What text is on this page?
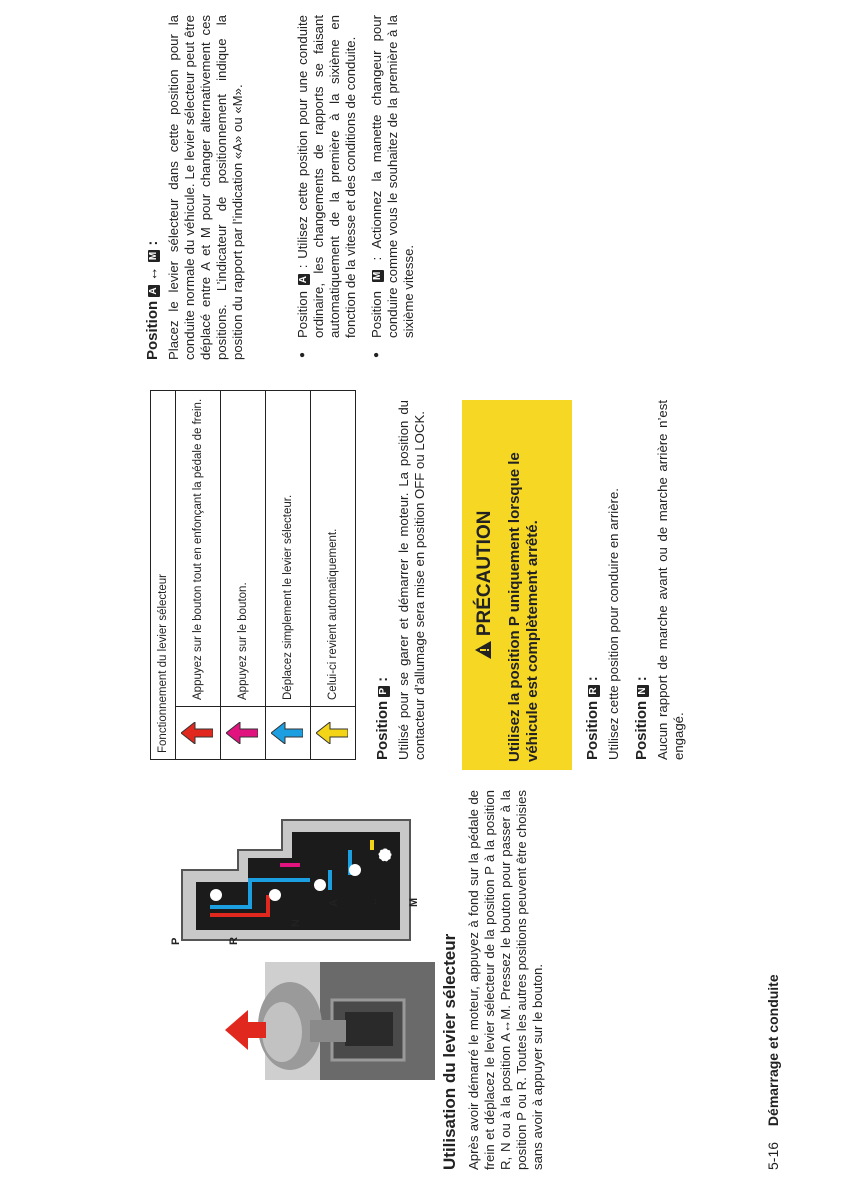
Utilisation du levier sélecteur Après avoir démarré le moteur, appuyez à fond sur la pédale de frein et déplacez le levier sélecteur de la position P à la position R, N ou à la position A↔M. Pressez le bouton pour passer à la position P ou R. Toutes les autres positions peuvent être choisies sans avoir à appuyer sur le bouton.
Fonctionnement du levier sélecteur	
	Appuyez sur le bouton tout en enfonçant la pédale de frein.
	Appuyez sur le bouton.
	Déplacez simplement le levier sélecteur.
	Celui-ci revient automatiquement.
Position P : Utilisé pour se garer et démarrer le moteur. La position du contacteur d’allumage sera mise en position OFF ou LOCK.	PRÉCAUTION Utilisez la position P uniquement lorsque le véhicule est complètement arrêté.	Position R : Utilisez cette position pour conduire en arrière. Position N : Aucun rapport de marche avant ou de marche arrière n’est engagé.
Position A ↔ M : Placez le levier sélecteur dans cette position pour la conduite normale du véhicule. Le levier sélecteur peut être déplacé entre A et M pour changer alternativement ces positions. L’indicateur de positionnement indique la position du rapport par l’indication «A» ou «M».	● Position A : Utilisez cette position pour une conduite ordinaire, les changements de rapports se faisant automatiquement de la première à la sixième en fonction de la vitesse et des conditions de conduite. ● Position M : Actionnez la manette changeur pour conduire comme vous le souhaitez de la première à la sixième vitesse.
5-16 Démarrage et conduite
P	R
N
A	M
↔
